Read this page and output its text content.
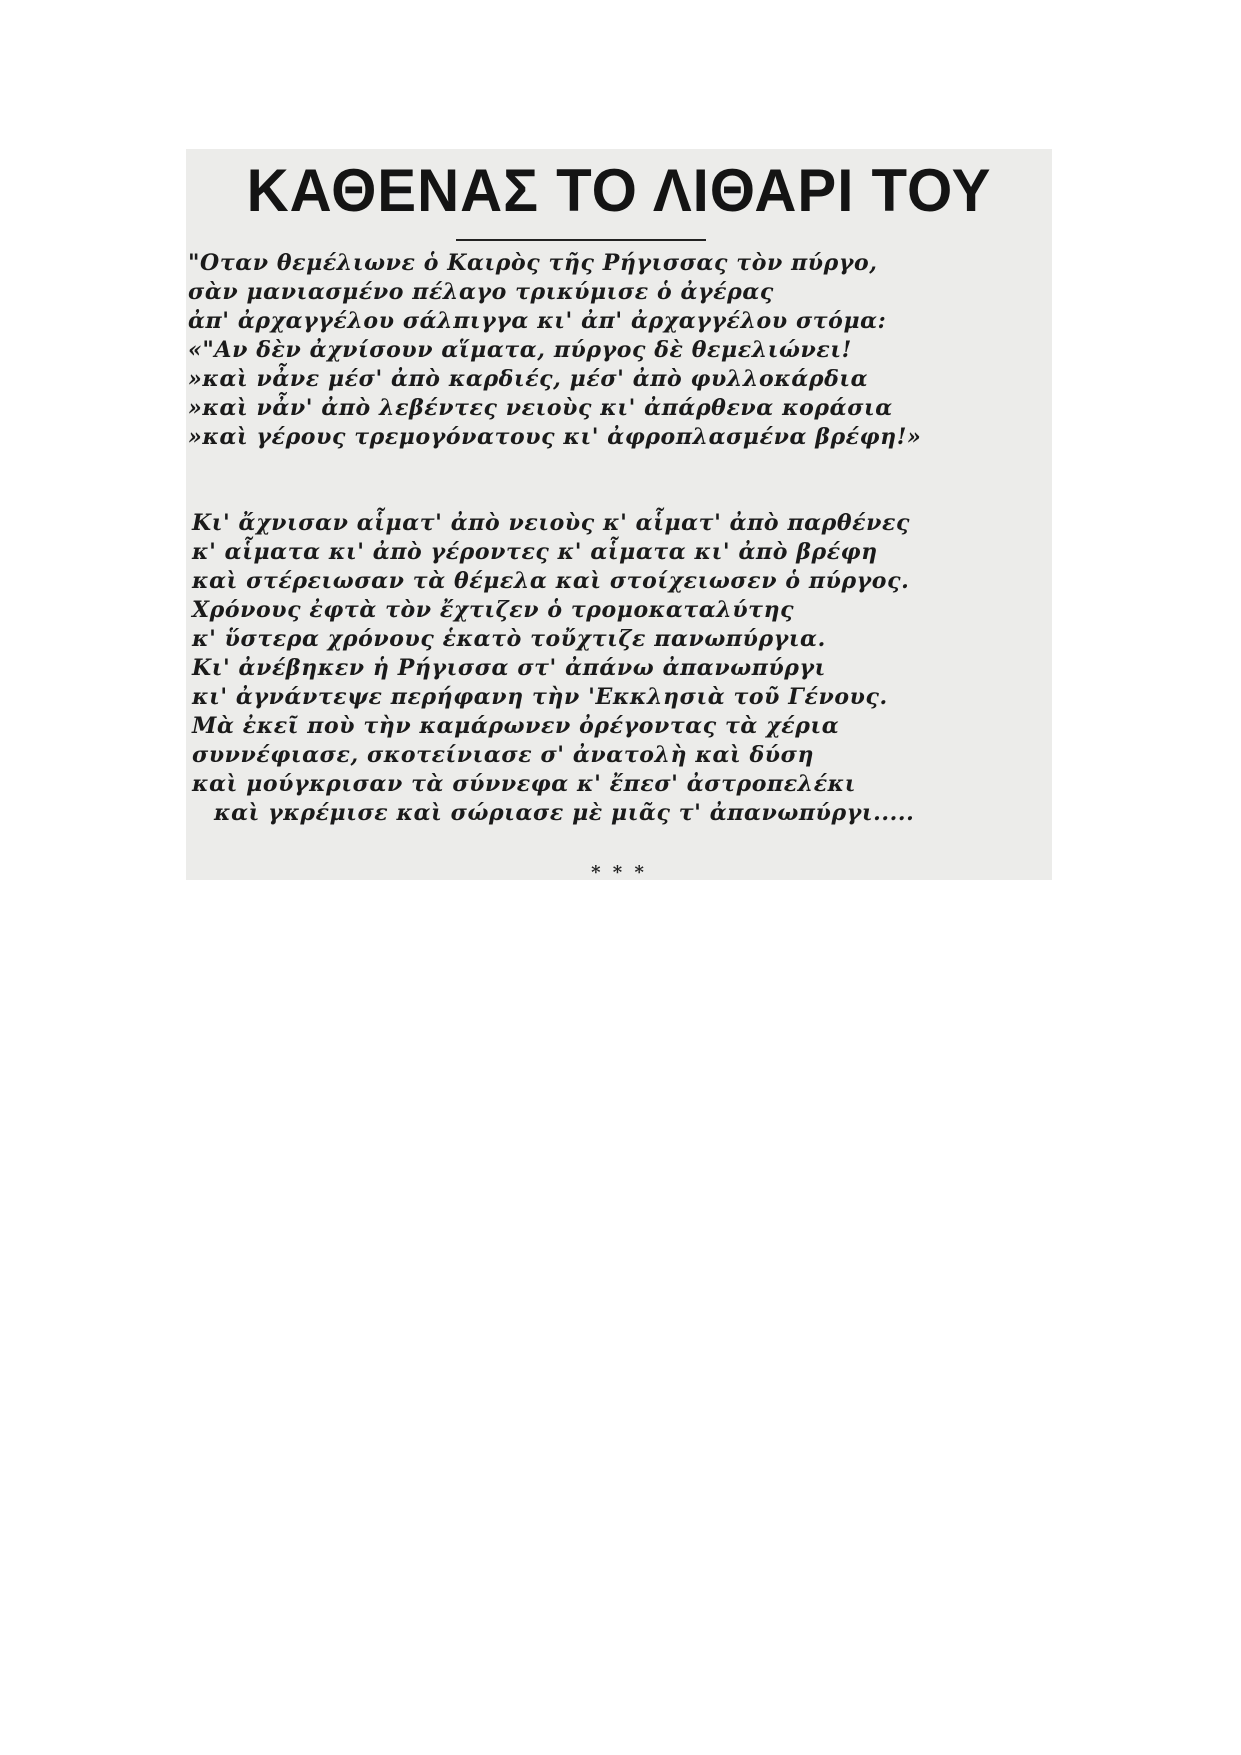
ΚΑΘΕΝΑΣ ΤΟ ΛΙΘΑΡΙ ΤΟΥ
"Οταν θεμέλιωνε ὁ Καιρὸς τῆς Ρήγισσας τὸν πύργο,
σὰν μανιασμένο πέλαγο τρικύμισε ὁ ἀγέρας
ἀπ' ἀρχαγγέλου σάλπιγγα κι' ἀπ' ἀρχαγγέλου στόμα:
«"Αν δὲν ἀχνίσουν αἵματα, πύργος δὲ θεμελιώνει!
»καὶ νἆνε μέσ' ἀπὸ καρδιές, μέσ' ἀπὸ φυλλοκάρδια
»καὶ νἆν' ἀπὸ λεβέντες νειοὺς κι' ἀπάρθενα κοράσια
»καὶ γέρους τρεμογόνατους κι' ἀφροπλασμένα βρέφη!»
Κι' ἄχνισαν αἷματ' ἀπὸ νειοὺς κ' αἷματ' ἀπὸ παρθένες
κ' αἷματα κι' ἀπὸ γέροντες κ' αἷματα κι' ἀπὸ βρέφη
καὶ στέρειωσαν τὰ θέμελα καὶ στοίχειωσεν ὁ πύργος.
Χρόνους ἐφτὰ τὸν ἔχτιζεν ὁ τρομοκαταλύτης
κ' ὕστερα χρόνους ἑκατὸ τοὔχτιζε πανωπύργια.
Κι' ἀνέβηκεν ἡ Ρήγισσα στ' ἀπάνω ἀπανωπύργι
κι' ἀγνάντεψε περήφανη τὴν 'Εκκλησιὰ τοῦ Γένους.
Μὰ ἐκεῖ ποὺ τὴν καμάρωνεν ὀρέγοντας τὰ χέρια
συννέφιασε, σκοτείνιασε σ' ἀνατολὴ καὶ δύση
καὶ μούγκρισαν τὰ σύννεφα κ' ἔπεσ' ἀστροπελέκι
καὶ γκρέμισε καὶ σώριασε μὲ μιᾶς τ' ἀπανωπύργι.....
* * *
